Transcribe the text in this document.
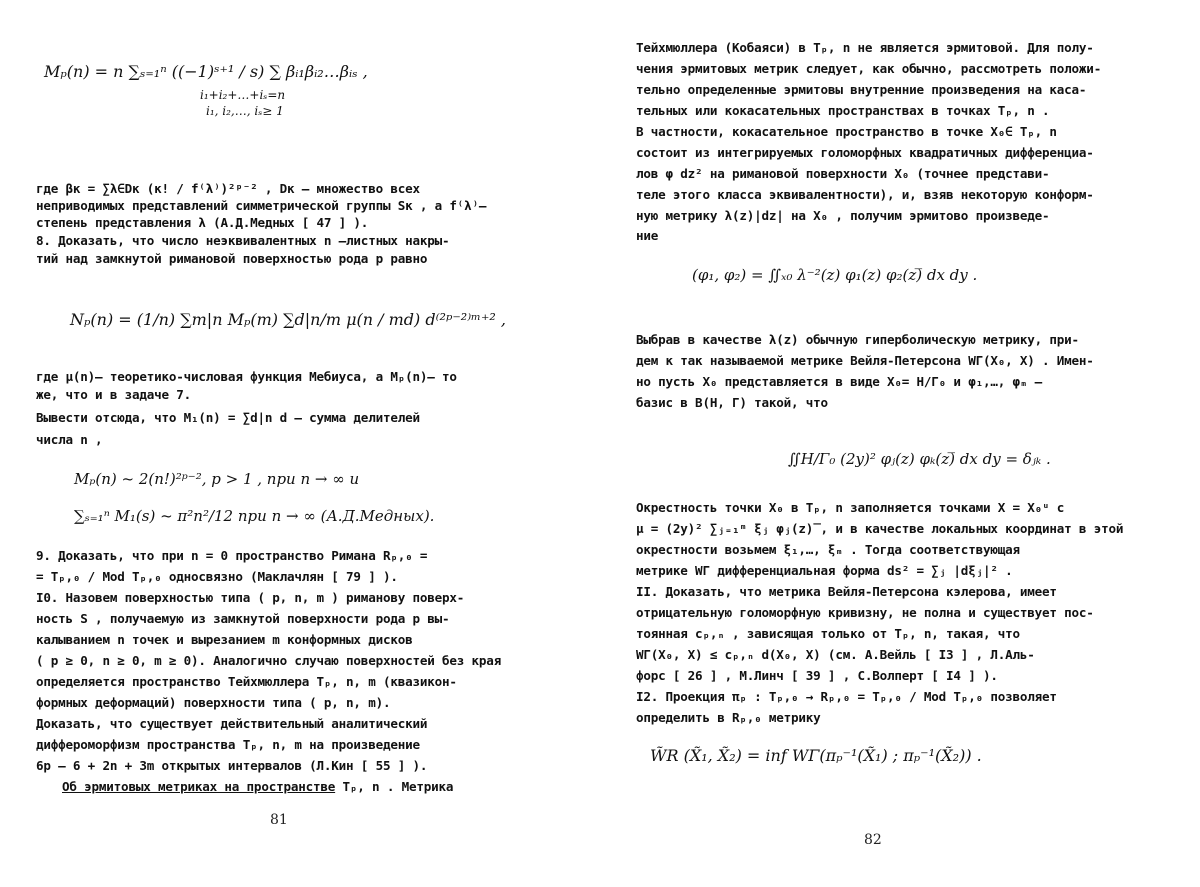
Mₚ(n) = n ∑ₛ₌₁ⁿ ((−1)ˢ⁺¹ / s) ∑ βᵢ₁βᵢ₂…βᵢₛ ,
i₁+i₂+…+iₛ=n
i₁, i₂,…, iₛ≥ 1
где βκ = ∑λ∈Dκ (κ! / f⁽λ⁾)²ᵖ⁻² , Dκ – множество всех
неприводимых представлений симметрической группы Sκ , а f⁽λ⁾–
степень представления λ (А.Д.Медных [ 47 ] ).
8. Доказать, что число неэквивалентных n –листных накры-
тий над замкнутой римановой поверхностью рода p равно
Nₚ(n) = (1/n) ∑m|n Mₚ(m) ∑d|n/m μ(n / md) d⁽²ᵖ⁻²⁾ᵐ⁺² ,
где μ(n)– теоретико-числовая функция Мебиуса, а Mₚ(n)– то
же, что и в задаче 7.
Вывести отсюда, что M₁(n) = ∑d|n d – сумма делителей
числа n ,
Mₚ(n) ~ 2(n!)²ᵖ⁻², p > 1 , при n → ∞ и
∑ₛ₌₁ⁿ M₁(s) ~ π²n²/12 при n → ∞ (А.Д.Медных).
9. Доказать, что при n = 0 пространство Римана Rₚ,₀ =
= Tₚ,₀ / Mod Tₚ,₀ односвязно (Маклачлян [ 79 ] ).
I0. Назовем поверхностью типа ( p, n, m ) риманову поверх-
ность S , получаемую из замкнутой поверхности рода p вы-
калыванием n точек и вырезанием m конформных дисков
( p ≥ 0, n ≥ 0, m ≥ 0). Аналогично случаю поверхностей без края
определяется пространство Тейхмюллера Tₚ, n, m (квазикон-
формных деформаций) поверхности типа ( p, n, m).
Доказать, что существует действительный аналитический
диффероморфизм пространства Tₚ, n, m на произведение
6p – 6 + 2n + 3m открытых интервалов (Л.Кин [ 55 ] ).
Об эрмитовых метриках на пространстве Tₚ, n . Метрика
81
Тейхмюллера (Кобаяси) в Tₚ, n не является эрмитовой. Для полу-
чения эрмитовых метрик следует, как обычно, рассмотреть положи-
тельно определенные эрмитовы внутренние произведения на каса-
тельных или кокасательных пространствах в точках Tₚ, n .
В частности, кокасательное пространство в точке X₀∈ Tₚ, n
состоит из интегрируемых голоморфных квадратичных дифференциа-
лов φ dz² на римановой поверхности X₀ (точнее представи-
теле этого класса эквивалентности), и, взяв некоторую конформ-
ную метрику λ(z)|dz| на X₀ , получим эрмитово произведе-
ние
(φ₁, φ₂) = ∬ₓ₀ λ⁻²(z) φ₁(z) φ₂(z)̅ dx dy .
Выбрав в качестве λ(z) обычную гиперболическую метрику, при-
дем к так называемой метрике Вейля-Петерсона WΓ(X₀, X) . Имен-
но пусть X₀ представляется в виде X₀= H/Γ₀ и φ₁,…, φₘ –
базис в B(H, Г) такой, что
∬H/Γ₀ (2y)² φⱼ(z) φₖ(z)̅ dx dy = δⱼₖ .
Окрестность точки X₀ в Tₚ, n заполняется точками X = X₀ᵘ с
μ = (2y)² ∑ⱼ₌₁ᵐ ξⱼ φⱼ(z)̅ , и в качестве локальных координат в этой
окрестности возьмем ξ₁,…, ξₘ . Тогда соответствующая
метрике WΓ дифференциальная форма ds² = ∑ⱼ |dξⱼ|² .
II. Доказать, что метрика Вейля-Петерсона кэлерова, имеет
отрицательную голоморфную кривизну, не полна и существует пос-
тоянная cₚ,ₙ , зависящая только от Tₚ, n, такая, что
WΓ(X₀, X) ≤ cₚ,ₙ d(X₀, X) (см. А.Вейль [ I3 ] , Л.Аль-
форс [ 26 ] , М.Линч [ 39 ] , С.Волперт [ I4 ] ).
I2. Проекция πₚ : Tₚ,₀ → Rₚ,₀ = Tₚ,₀ / Mod Tₚ,₀ позволяет
определить в Rₚ,₀ метрику
W̃R (X̃₁, X̃₂) = inf WΓ(πₚ⁻¹(X̃₁) ; πₚ⁻¹(X̃₂)) .
82
